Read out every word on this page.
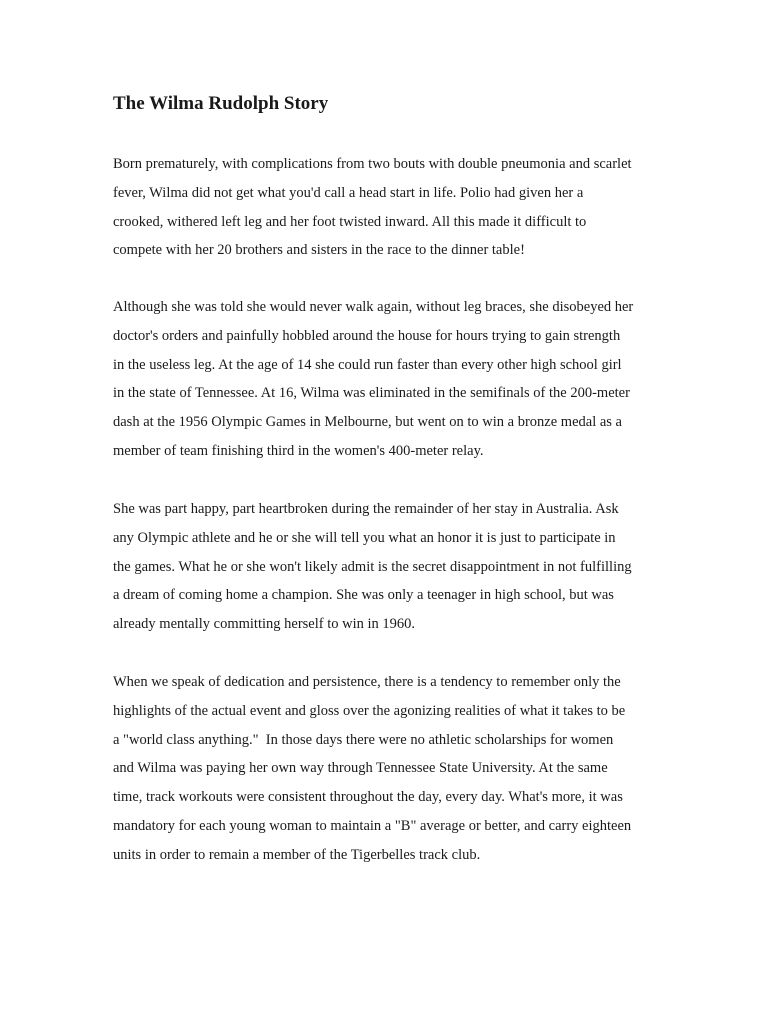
The Wilma Rudolph Story

Born prematurely, with complications from two bouts with double pneumonia and scarlet

fever, Wilma did not get what you'd call a head start in life. Polio had given her a

crooked, withered left leg and her foot twisted inward. All this made it difficult to

compete with her 20 brothers and sisters in the race to the dinner table!

Although she was told she would never walk again, without leg braces, she disobeyed her

doctor's orders and painfully hobbled around the house for hours trying to gain strength

in the useless leg. At the age of 14 she could run faster than every other high school girl

in the state of Tennessee. At 16, Wilma was eliminated in the semifinals of the 200-meter

dash at the 1956 Olympic Games in Melbourne, but went on to win a bronze medal as a

member of team finishing third in the women's 400-meter relay.

She was part happy, part heartbroken during the remainder of her stay in Australia. Ask

any Olympic athlete and he or she will tell you what an honor it is just to participate in

the games. What he or she won't likely admit is the secret disappointment in not fulfilling

a dream of coming home a champion. She was only a teenager in high school, but was

already mentally committing herself to win in 1960.

When we speak of dedication and persistence, there is a tendency to remember only the

highlights of the actual event and gloss over the agonizing realities of what it takes to be

a "world class anything."  In those days there were no athletic scholarships for women

and Wilma was paying her own way through Tennessee State University. At the same

time, track workouts were consistent throughout the day, every day. What's more, it was

mandatory for each young woman to maintain a "B" average or better, and carry eighteen

units in order to remain a member of the Tigerbelles track club.
